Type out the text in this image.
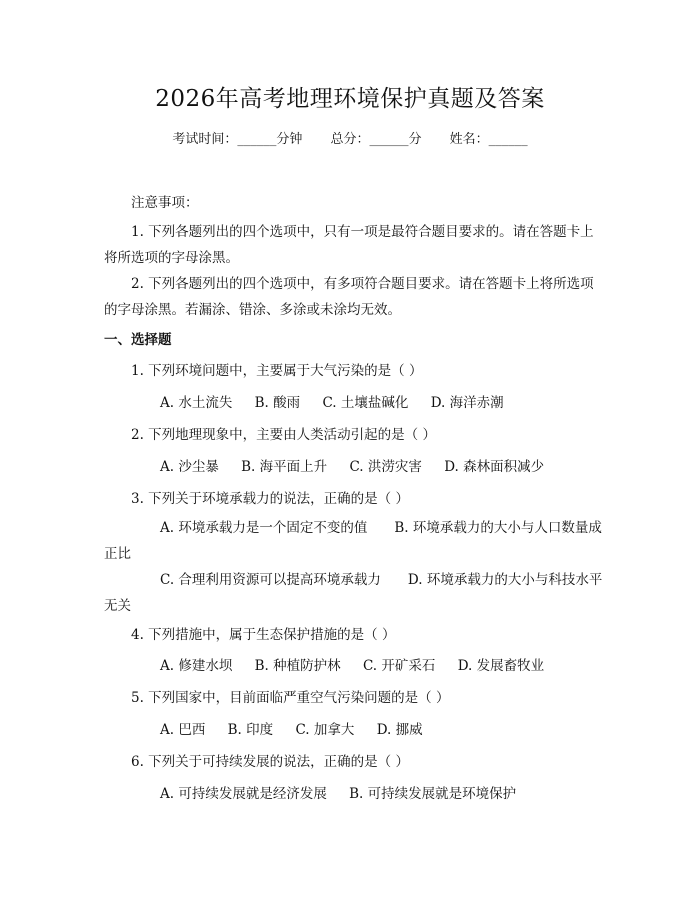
2026年高考地理环境保护真题及答案
考试时间：______分钟 总分：______分 姓名：______
注意事项：
1. 下列各题列出的四个选项中，只有一项是最符合题目要求的。请在答题卡上将所选项的字母涂黑。
2. 下列各题列出的四个选项中，有多项符合题目要求。请在答题卡上将所选项的字母涂黑。若漏涂、错涂、多涂或未涂均无效。
一、选择题
1. 下列环境问题中，主要属于大气污染的是（ ）
A. 水土流失 B. 酸雨 C. 土壤盐碱化 D. 海洋赤潮
2. 下列地理现象中，主要由人类活动引起的是（ ）
A. 沙尘暴 B. 海平面上升 C. 洪涝灾害 D. 森林面积减少
3. 下列关于环境承载力的说法，正确的是（ ）
A. 环境承载力是一个固定不变的值　　B. 环境承载力的大小与人口数量成正比
C. 合理利用资源可以提高环境承载力　　D. 环境承载力的大小与科技水平无关
4. 下列措施中，属于生态保护措施的是（ ）
A. 修建水坝 B. 种植防护林 C. 开矿采石 D. 发展畜牧业
5. 下列国家中，目前面临严重空气污染问题的是（ ）
A. 巴西 B. 印度 C. 加拿大 D. 挪威
6. 下列关于可持续发展的说法，正确的是（ ）
A. 可持续发展就是经济发展 B. 可持续发展就是环境保护
